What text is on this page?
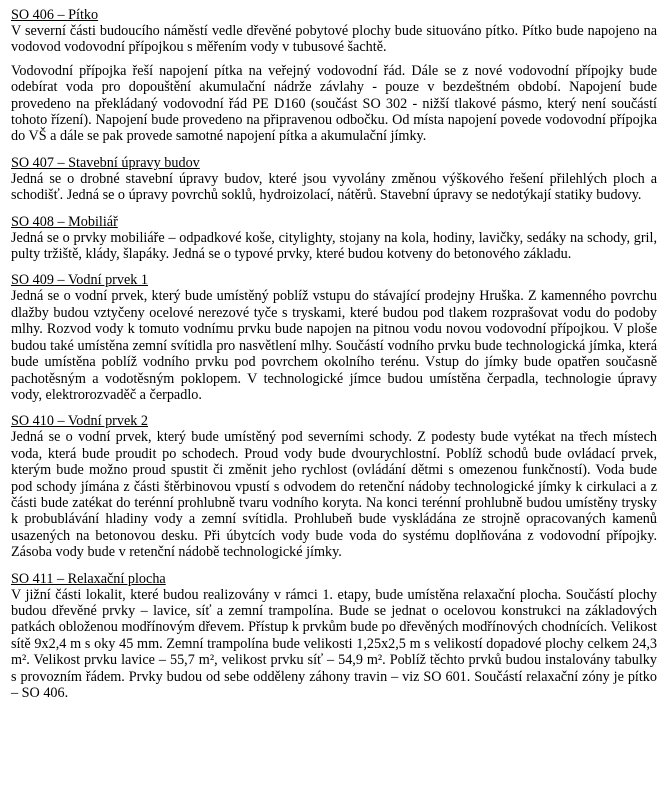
SO 406 – Pítko

V severní části budoucího náměstí vedle dřevěné pobytové plochy bude situováno pítko. Pítko bude napojeno na vodovod vodovodní přípojkou s měřením vody v tubusové šachtě.

Vodovodní přípojka řeší napojení pítka na veřejný vodovodní řád. Dále se z nové vodovodní přípojky bude odebírat voda pro dopouštění akumulační nádrže závlahy - pouze v bezdeštném období. Napojení bude provedeno na překládaný vodovodní řád PE D160 (součást SO 302 - nižší tlakové pásmo, který není součástí tohoto řízení). Napojení bude provedeno na připravenou odbočku. Od místa napojení povede vodovodní přípojka do VŠ a dále se pak provede samotné napojení pítka a akumulační jímky.

SO 407 – Stavební úpravy budov

Jedná se o drobné stavební úpravy budov, které jsou vyvolány změnou výškového řešení přilehlých ploch a schodišť. Jedná se o úpravy povrchů soklů, hydroizolací, nátěrů. Stavební úpravy se nedotýkají statiky budovy.

SO 408 – Mobiliář

Jedná se o prvky mobiliáře – odpadkové koše, citylighty, stojany na kola, hodiny, lavičky, sedáky na schody, gril, pulty tržiště, klády, šlapáky. Jedná se o typové prvky, které budou kotveny do betonového základu.

SO 409 – Vodní prvek 1

Jedná se o vodní prvek, který bude umístěný poblíž vstupu do stávající prodejny Hruška. Z kamenného povrchu dlažby budou vztyčeny ocelové nerezové tyče s tryskami, které budou pod tlakem rozprašovat vodu do podoby mlhy. Rozvod vody k tomuto vodnímu prvku bude napojen na pitnou vodu novou vodovodní přípojkou. V ploše budou také umístěna zemní svítidla pro nasvětlení mlhy. Součástí vodního prvku bude technologická jímka, která bude umístěna poblíž vodního prvku pod povrchem okolního terénu. Vstup do jímky bude opatřen současně pachotěsným a vodotěsným poklopem. V technologické jímce budou umístěna čerpadla, technologie úpravy vody, elektrorozvaděč a čerpadlo.

SO 410 – Vodní prvek 2

Jedná se o vodní prvek, který bude umístěný pod severními schody. Z podesty bude vytékat na třech místech voda, která bude proudit po schodech. Proud vody bude dvourychlostní. Poblíž schodů bude ovládací prvek, kterým bude možno proud spustit či změnit jeho rychlost (ovládání dětmi s omezenou funkčností). Voda bude pod schody jímána z části štěrbinovou vpustí s odvodem do retenční nádoby technologické jímky k cirkulaci a z části bude zatékat do terénní prohlubně tvaru vodního koryta. Na konci terénní prohlubně budou umístěny trysky k probublávání hladiny vody a zemní svítidla. Prohlubeň bude vyskládána ze strojně opracovaných kamenů usazených na betonovou desku. Při úbytcích vody bude voda do systému doplňována z vodovodní přípojky. Zásoba vody bude v retenční nádobě technologické jímky.

SO 411 – Relaxační plocha

V jižní části lokalit, které budou realizovány v rámci 1. etapy, bude umístěna relaxační plocha. Součástí plochy budou dřevěné prvky – lavice, síť a zemní trampolína. Bude se jednat o ocelovou konstrukci na základových patkách obloženou modřínovým dřevem. Přístup k prvkům bude po dřevěných modřínových chodnících. Velikost sítě 9x2,4 m s oky 45 mm. Zemní trampolína bude velikosti 1,25x2,5 m s velikostí dopadové plochy celkem 24,3 m². Velikost prvku lavice – 55,7 m², velikost prvku síť – 54,9 m². Poblíž těchto prvků budou instalovány tabulky s provozním řádem. Prvky budou od sebe odděleny záhony travin – viz SO 601. Součástí relaxační zóny je pítko – SO 406.
